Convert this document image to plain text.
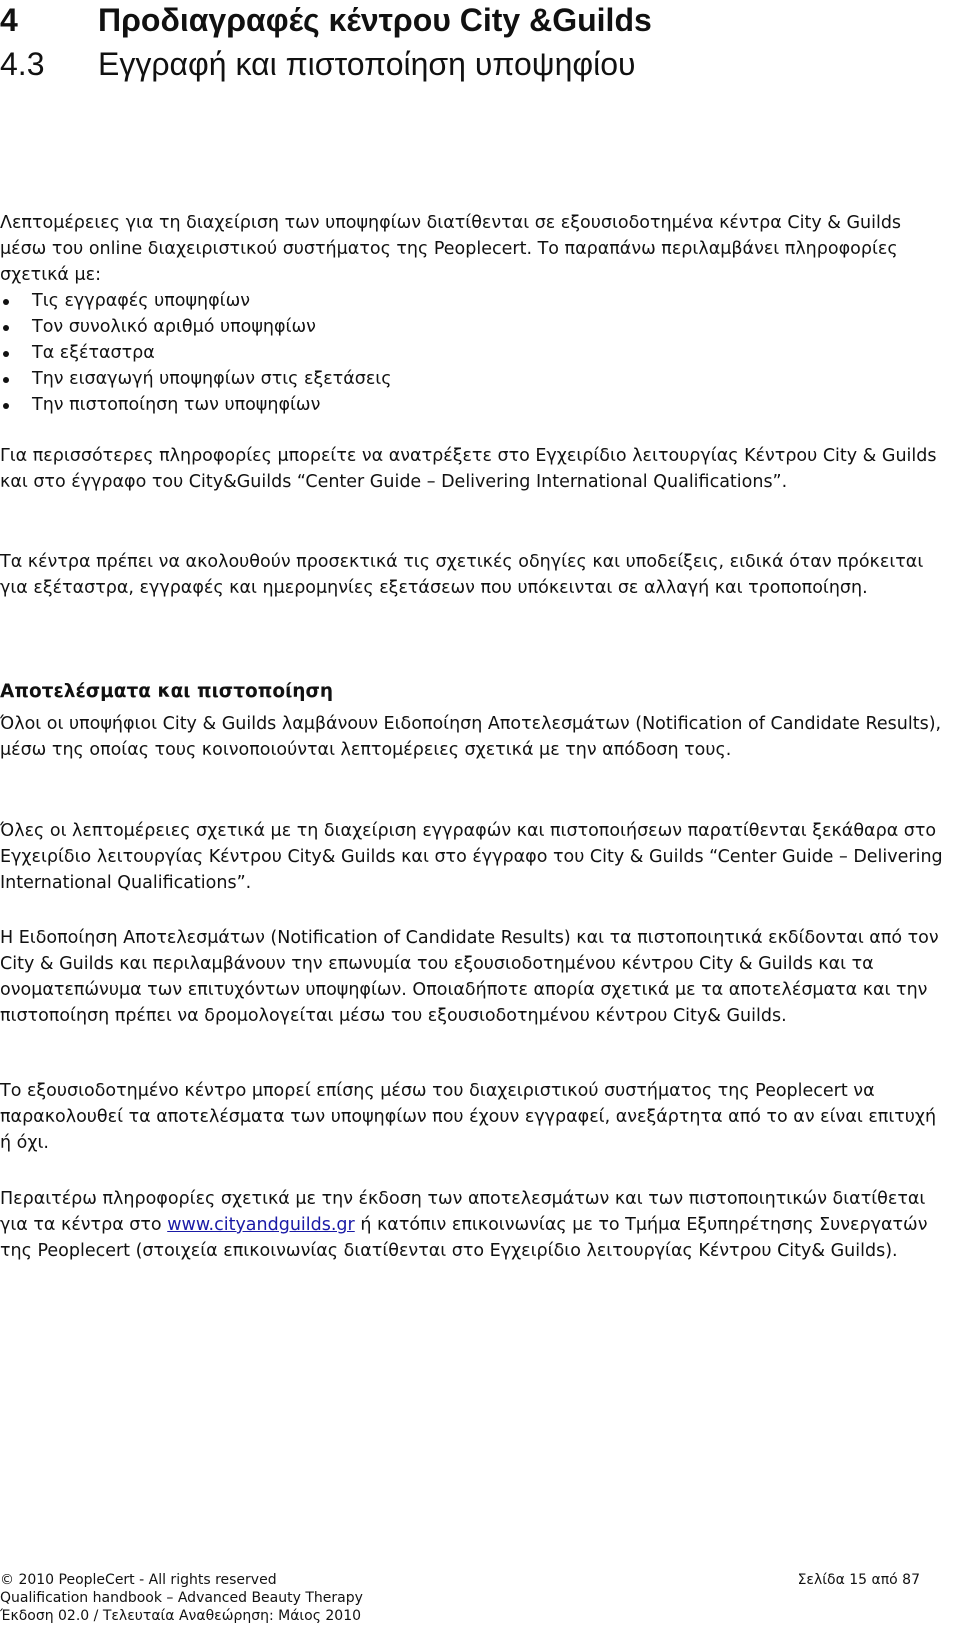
4	Προδιαγραφές κέντρου City &Guilds
4.3 Εγγραφή και πιστοποίηση υποψηφίου

Λεπτομέρειες για τη διαχείριση των υποψηφίων διατίθενται σε εξουσιοδοτημένα κέντρα City & Guilds μέσω του online διαχειριστικού συστήματος της Peoplecert. Το παραπάνω περιλαμβάνει πληροφορίες σχετικά με:

Τις εγγραφές υποψηφίων
Τον συνολικό αριθμό υποψηφίων
Τα εξέταστρα
Την εισαγωγή υποψηφίων στις εξετάσεις
Την πιστοποίηση των υποψηφίων

Για περισσότερες πληροφορίες μπορείτε να ανατρέξετε στο Εγχειρίδιο λειτουργίας Κέντρου City & Guilds και στο έγγραφο του City&Guilds “Center Guide – Delivering International Qualifications”.

Τα κέντρα πρέπει να ακολουθούν προσεκτικά τις σχετικές οδηγίες και υποδείξεις, ειδικά όταν πρόκειται για εξέταστρα, εγγραφές και ημερομηνίες εξετάσεων που υπόκεινται σε αλλαγή και τροποποίηση.

Αποτελέσματα και πιστοποίηση

Όλοι οι υποψήφιοι City & Guilds λαμβάνουν Ειδοποίηση Αποτελεσμάτων (Notification of Candidate Results), μέσω της οποίας τους κοινοποιούνται λεπτομέρειες σχετικά με την απόδοση τους.

Όλες οι λεπτομέρειες σχετικά με τη διαχείριση εγγραφών και πιστοποιήσεων παρατίθενται ξεκάθαρα στο Εγχειρίδιο λειτουργίας Κέντρου City& Guilds και στο έγγραφο του City & Guilds “Center Guide – Delivering International Qualifications”.

Η Ειδοποίηση Αποτελεσμάτων (Notification of Candidate Results) και τα πιστοποιητικά εκδίδονται από τον City & Guilds και περιλαμβάνουν την επωνυμία του εξουσιοδοτημένου κέντρου City & Guilds και τα ονοματεπώνυμα των επιτυχόντων υποψηφίων. Οποιαδήποτε απορία σχετικά με τα αποτελέσματα και την πιστοποίηση πρέπει να δρομολογείται μέσω του εξουσιοδοτημένου κέντρου City& Guilds.

Το εξουσιοδοτημένο κέντρο μπορεί επίσης μέσω του διαχειριστικού συστήματος της Peoplecert να παρακολουθεί τα αποτελέσματα των υποψηφίων που έχουν εγγραφεί, ανεξάρτητα από το αν είναι επιτυχή ή όχι.

Περαιτέρω πληροφορίες σχετικά με την έκδοση των αποτελεσμάτων και των πιστοποιητικών διατίθεται για τα κέντρα στο www.cityandguilds.gr ή κατόπιν επικοινωνίας με το Τμήμα Εξυπηρέτησης Συνεργατών της Peoplecert (στοιχεία επικοινωνίας διατίθενται στο Εγχειρίδιο λειτουργίας Κέντρου City& Guilds).

© 2010 PeopleCert - All rights reserved	Σελίδα 15 από 87
Qualification handbook – Advanced Beauty Therapy
Έκδοση 02.0 / Τελευταία Αναθεώρηση: Μάιος 2010
